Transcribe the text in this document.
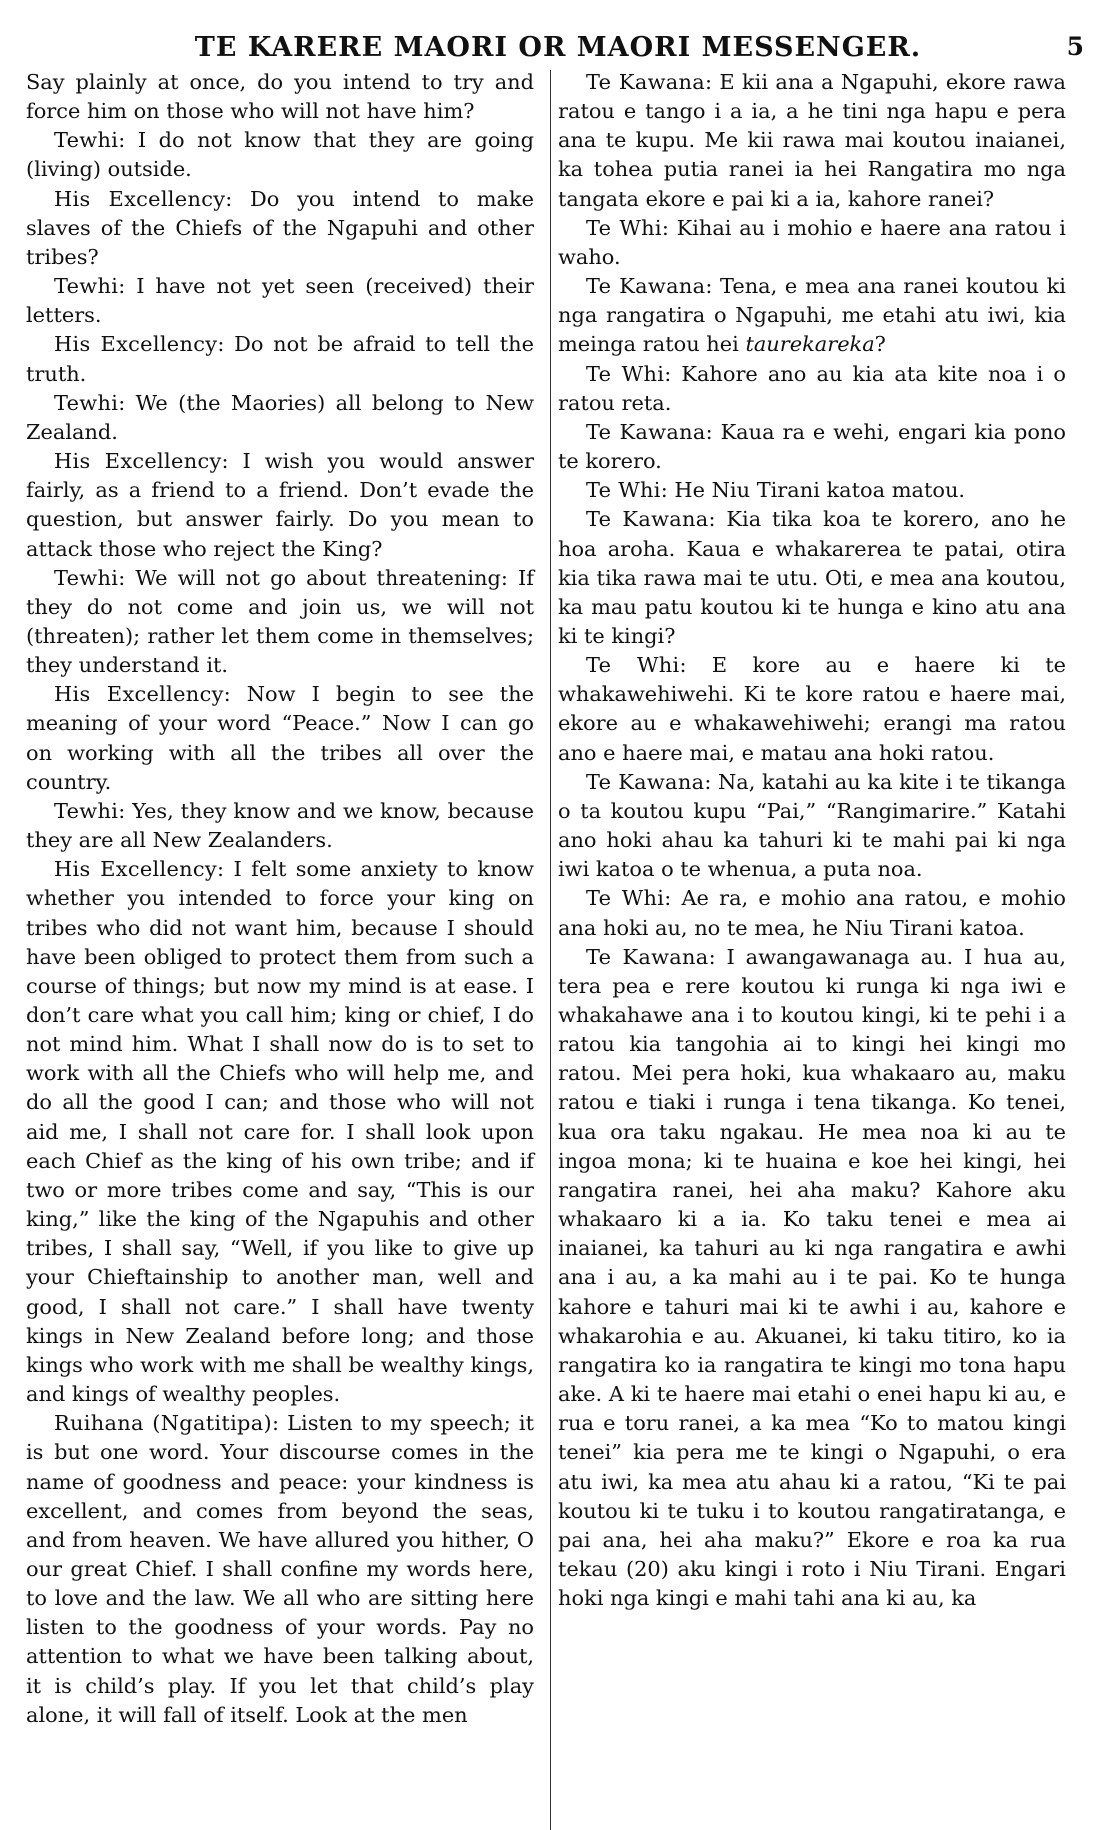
TE KARERE MAORI OR MAORI MESSENGER.	5

Say plainly at once, do you intend to try and force him on those who will not have him?

Tewhi: I do not know that they are going (living) outside.

His Excellency: Do you intend to make slaves of the Chiefs of the Ngapuhi and other tribes?

Tewhi: I have not yet seen (received) their letters.

His Excellency: Do not be afraid to tell the truth.

Tewhi: We (the Maories) all belong to New Zealand.

His Excellency: I wish you would answer fairly, as a friend to a friend. Don’t evade the question, but answer fairly. Do you mean to attack those who reject the King?

Tewhi: We will not go about threatening: If they do not come and join us, we will not (threaten); rather let them come in themselves; they understand it.

His Excellency: Now I begin to see the meaning of your word “Peace.” Now I can go on working with all the tribes all over the country.

Tewhi: Yes, they know and we know, because they are all New Zealanders.

His Excellency: I felt some anxiety to know whether you intended to force your king on tribes who did not want him, because I should have been obliged to protect them from such a course of things; but now my mind is at ease. I don’t care what you call him; king or chief, I do not mind him. What I shall now do is to set to work with all the Chiefs who will help me, and do all the good I can; and those who will not aid me, I shall not care for. I shall look upon each Chief as the king of his own tribe; and if two or more tribes come and say, “This is our king,” like the king of the Ngapuhis and other tribes, I shall say, “Well, if you like to give up your Chieftainship to another man, well and good, I shall not care.” I shall have twenty kings in New Zealand before long; and those kings who work with me shall be wealthy kings, and kings of wealthy peoples.

Ruihana (Ngatitipa): Listen to my speech; it is but one word. Your discourse comes in the name of goodness and peace: your kindness is excellent, and comes from beyond the seas, and from heaven. We have allured you hither, O our great Chief. I shall confine my words here, to love and the law. We all who are sitting here listen to the goodness of your words. Pay no attention to what we have been talking about, it is child’s play. If you let that child’s play alone, it will fall of itself. Look at the men

Te Kawana: E kii ana a Ngapuhi, ekore rawa ratou e tango i a ia, a he tini nga hapu e pera ana te kupu. Me kii rawa mai koutou inaianei, ka tohea putia ranei ia hei Rangatira mo nga tangata ekore e pai ki a ia, kahore ranei?

Te Whi: Kihai au i mohio e haere ana ratou i waho.

Te Kawana: Tena, e mea ana ranei koutou ki nga rangatira o Ngapuhi, me etahi atu iwi, kia meinga ratou hei taurekareka?

Te Whi: Kahore ano au kia ata kite noa i o ratou reta.

Te Kawana: Kaua ra e wehi, engari kia pono te korero.

Te Whi: He Niu Tirani katoa matou.

Te Kawana: Kia tika koa te korero, ano he hoa aroha. Kaua e whakarerea te patai, otira kia tika rawa mai te utu. Oti, e mea ana koutou, ka mau patu koutou ki te hunga e kino atu ana ki te kingi?

Te Whi: E kore au e haere ki te whakawehiwehi. Ki te kore ratou e haere mai, ekore au e whakawehiwehi; erangi ma ratou ano e haere mai, e matau ana hoki ratou.

Te Kawana: Na, katahi au ka kite i te tikanga o ta koutou kupu “Pai,” “Rangimarire.” Katahi ano hoki ahau ka tahuri ki te mahi pai ki nga iwi katoa o te whenua, a puta noa.

Te Whi: Ae ra, e mohio ana ratou, e mohio ana hoki au, no te mea, he Niu Tirani katoa.

Te Kawana: I awangawanaga au. I hua au, tera pea e rere koutou ki runga ki nga iwi e whakahawe ana i to koutou kingi, ki te pehi i a ratou kia tangohia ai to kingi hei kingi mo ratou. Mei pera hoki, kua whakaaro au, maku ratou e tiaki i runga i tena tikanga. Ko tenei, kua ora taku ngakau. He mea noa ki au te ingoa mona; ki te huaina e koe hei kingi, hei rangatira ranei, hei aha maku? Kahore aku whakaaro ki a ia. Ko taku tenei e mea ai inaianei, ka tahuri au ki nga rangatira e awhi ana i au, a ka mahi au i te pai. Ko te hunga kahore e tahuri mai ki te awhi i au, kahore e whakarohia e au. Akuanei, ki taku titiro, ko ia rangatira ko ia rangatira te kingi mo tona hapu ake. A ki te haere mai etahi o enei hapu ki au, e rua e toru ranei, a ka mea “Ko to matou kingi tenei” kia pera me te kingi o Ngapuhi, o era atu iwi, ka mea atu ahau ki a ratou, “Ki te pai koutou ki te tuku i to koutou rangatiratanga, e pai ana, hei aha maku?” Ekore e roa ka rua tekau (20) aku kingi i roto i Niu Tirani. Engari hoki nga kingi e mahi tahi ana ki au, ka
